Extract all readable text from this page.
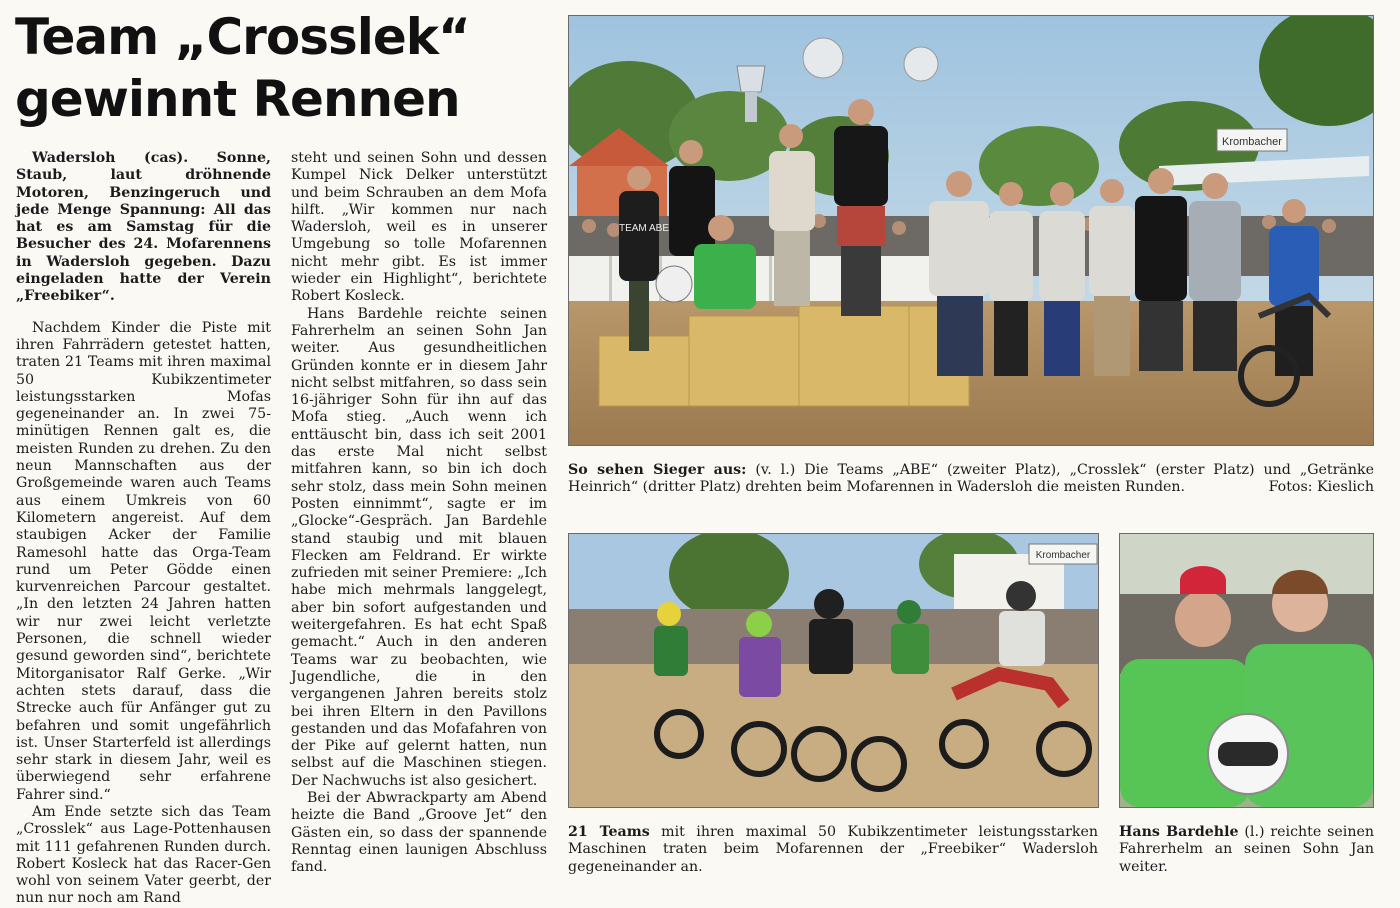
Team „Crosslek“ gewinnt Rennen

Wadersloh (cas). Sonne, Staub, laut dröhnende Motoren, Benzingeruch und jede Menge Spannung: All das hat es am Samstag für die Besucher des 24. Mofarennens in Wadersloh gegeben. Dazu eingeladen hatte der Verein „Freebiker“.

Nachdem Kinder die Piste mit ihren Fahrrädern getestet hatten, traten 21 Teams mit ihren maximal 50 Kubikzentimeter leistungsstarken Mofas gegeneinander an. In zwei 75-minütigen Rennen galt es, die meisten Runden zu drehen. Zu den neun Mannschaften aus der Großgemeinde waren auch Teams aus einem Umkreis von 60 Kilometern angereist. Auf dem staubigen Acker der Familie Ramesohl hatte das Orga-Team rund um Peter Gödde einen kurvenreichen Parcour gestaltet. „In den letzten 24 Jahren hatten wir nur zwei leicht verletzte Personen, die schnell wieder gesund geworden sind“, berichtete Mitorganisator Ralf Gerke. „Wir achten stets darauf, dass die Strecke auch für Anfänger gut zu befahren und somit ungefährlich ist. Unser Starterfeld ist allerdings sehr stark in diesem Jahr, weil es überwiegend sehr erfahrene Fahrer sind.“

Am Ende setzte sich das Team „Crosslek“ aus Lage-Pottenhausen mit 111 gefahrenen Runden durch. Robert Kosleck hat das Racer-Gen wohl von seinem Vater geerbt, der nun nur noch am Rand

steht und seinen Sohn und dessen Kumpel Nick Delker unterstützt und beim Schrauben an dem Mofa hilft. „Wir kommen nur nach Wadersloh, weil es in unserer Umgebung so tolle Mofarennen nicht mehr gibt. Es ist immer wieder ein Highlight“, berichtete Robert Kosleck.

Hans Bardehle reichte seinen Fahrerhelm an seinen Sohn Jan weiter. Aus gesundheitlichen Gründen konnte er in diesem Jahr nicht selbst mitfahren, so dass sein 16-jähriger Sohn für ihn auf das Mofa stieg. „Auch wenn ich enttäuscht bin, dass ich seit 2001 das erste Mal nicht selbst mitfahren kann, so bin ich doch sehr stolz, dass mein Sohn meinen Posten einnimmt“, sagte er im „Glocke“-Gespräch. Jan Bardehle stand staubig und mit blauen Flecken am Feldrand. Er wirkte zufrieden mit seiner Premiere: „Ich habe mich mehrmals langgelegt, aber bin sofort aufgestanden und weitergefahren. Es hat echt Spaß gemacht.“ Auch in den anderen Teams war zu beobachten, wie Jugendliche, die in den vergangenen Jahren bereits stolz bei ihren Eltern in den Pavillons gestanden und das Mofafahren von der Pike auf gelernt hatten, nun selbst auf die Maschinen stiegen. Der Nachwuchs ist also gesichert.

Bei der Abwrackparty am Abend heizte die Band „Groove Jet“ den Gästen ein, so dass der spannende Renntag einen launigen Abschluss fand.

Krombacher
TEAM ABE
So sehen Sieger aus: (v. l.) Die Teams „ABE“ (zweiter Platz), „Crosslek“ (erster Platz) und „Getränke Heinrich“ (dritter Platz) drehten beim Mofarennen in Wadersloh die meisten Runden.	Fotos: Kieslich
Krombacher
21 Teams mit ihren maximal 50 Kubikzentimeter leistungsstarken Maschinen traten beim Mofarennen der „Freebiker“ Wadersloh gegeneinander an.
Hans Bardehle (l.) reichte seinen Fahrerhelm an seinen Sohn Jan weiter.
